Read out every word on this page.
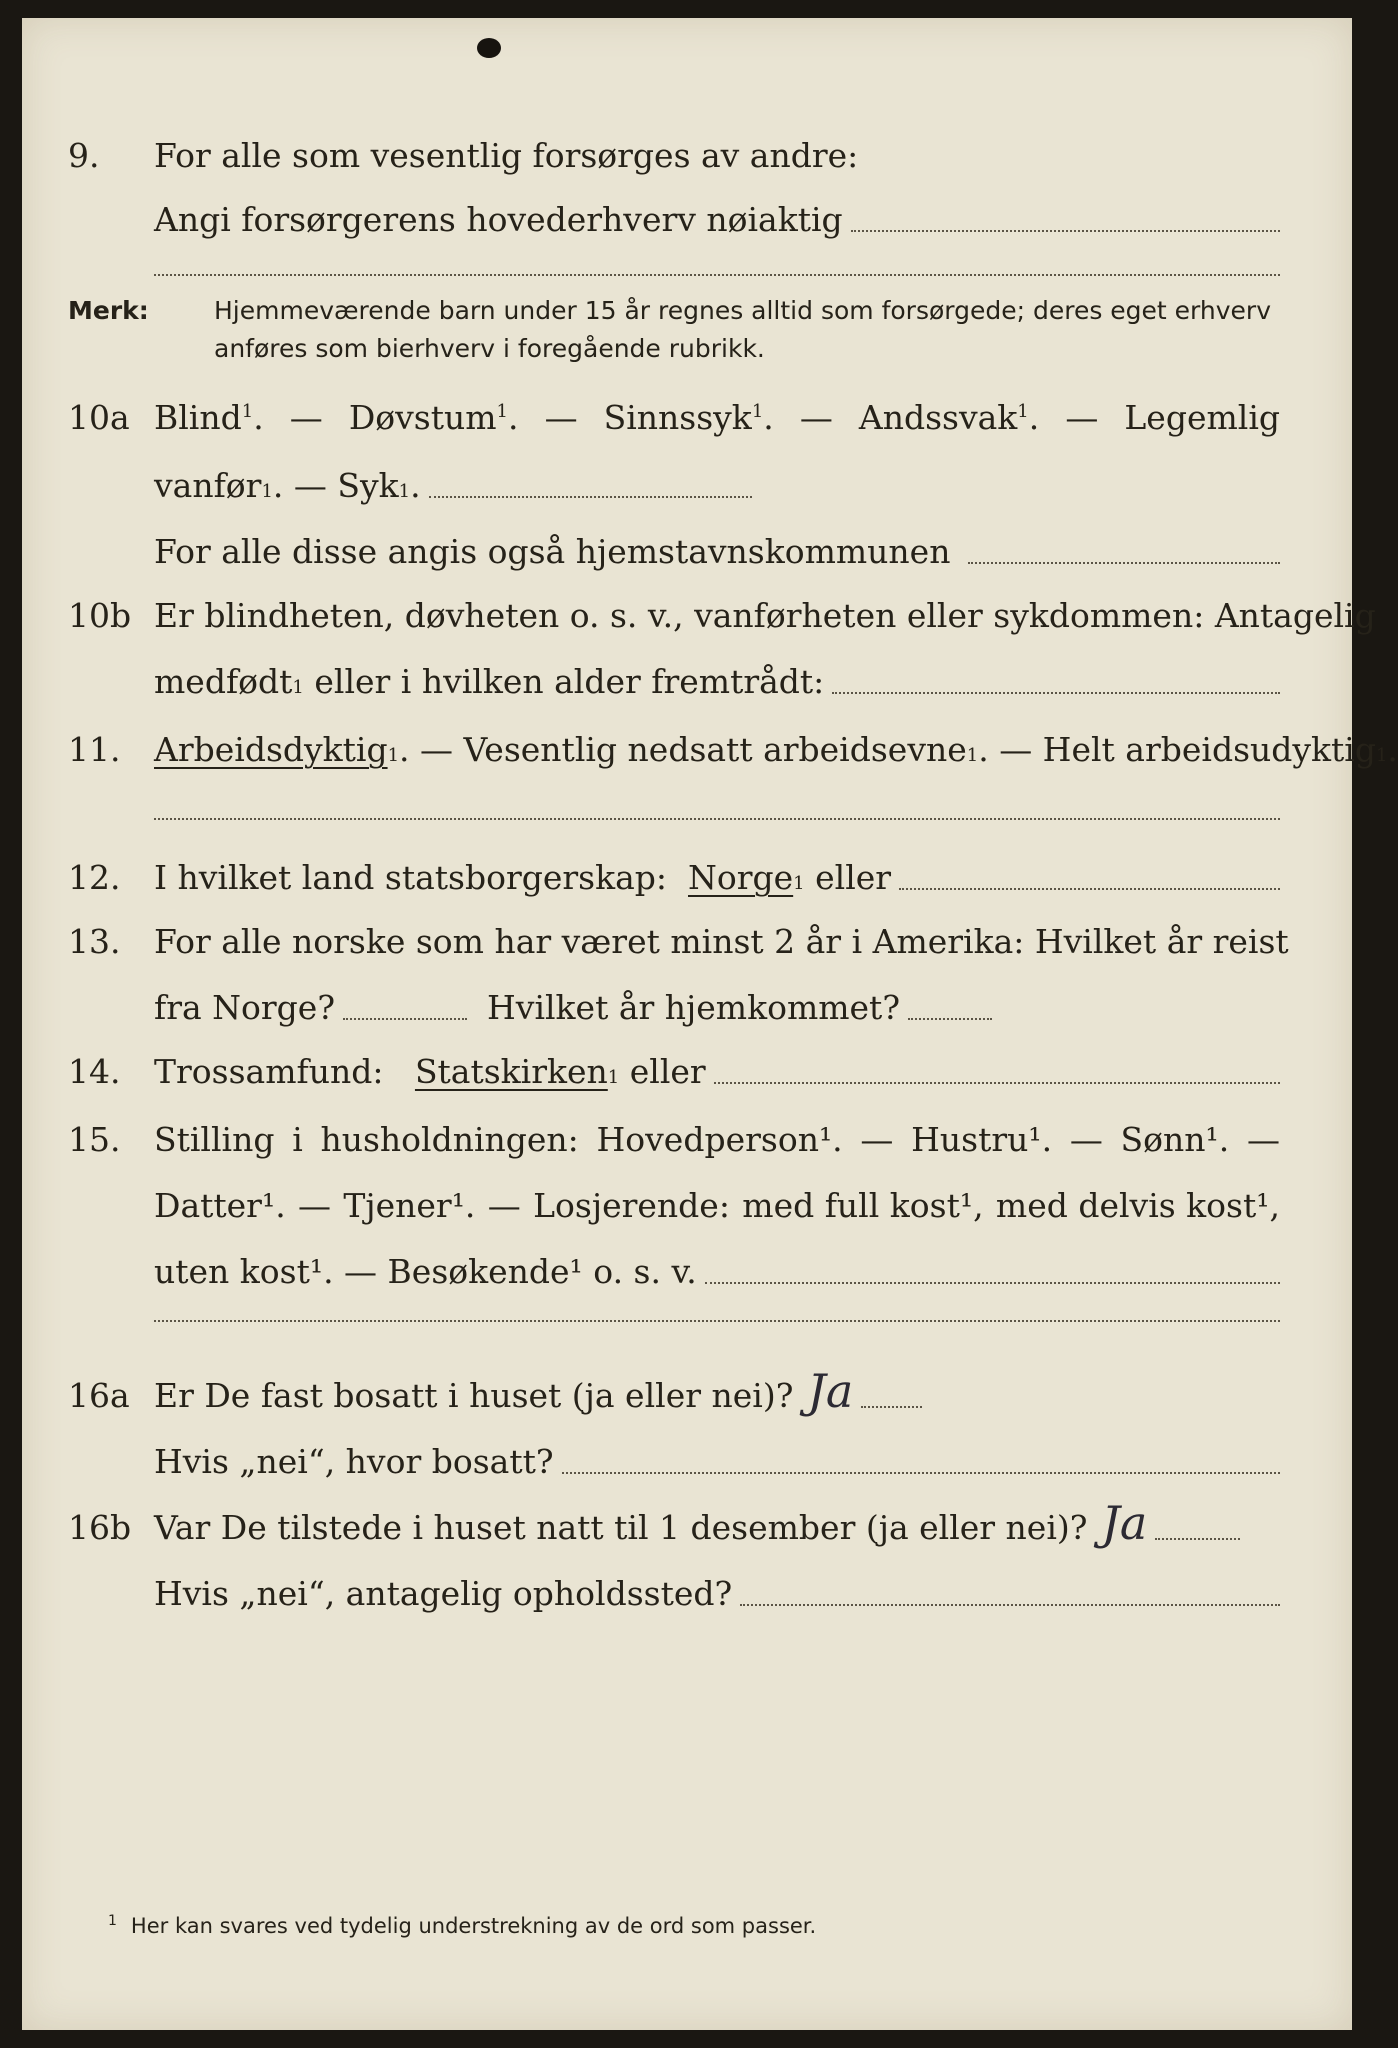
9.	For alle som vesentlig forsørges av andre:
Angi forsørgerens hovederhverv nøiaktig
Merk:	Hjemmeværende barn under 15 år regnes alltid som forsørgede; deres eget erhverv
anføres som bierhverv i foregående rubrikk.
10a Blind$^1$. — Døvstum$^1$. — Sinnssyk$^1$. — Andssvak$^1$. — Legemlig
vanfør 1 . — Syk 1 .
For alle disse angis også hjemstavnskommunen
10b Er blindheten, døvheten o. s. v., vanførheten eller sykdommen: Antagelig
medfødt 1
eller i hvilken alder fremtrådt:
11.	Arbeidsdyktig 1 . — Vesentlig nedsatt arbeidsevne 1 . — Helt arbeidsudyktig 1 .
12.	I hvilket land statsborgerskap:
Norge 1
eller
13.	For alle norske som har været minst 2 år i Amerika: Hvilket år reist
fra Norge?	Hvilket år hjemkommet?
14.	Trossamfund:
Statskirken 1
eller
15.	Stilling i husholdningen: Hovedperson¹. — Hustru¹. — Sønn¹. —
Datter¹. — Tjener¹. — Losjerende: med full kost¹, med delvis kost¹,
uten kost¹. — Besøkende¹ o. s. v.
16a Er De fast bosatt i huset (ja eller nei)? Ja
Hvis „nei“, hvor bosatt?
16b Var De tilstede i huset natt til 1 desember (ja eller nei)? Ja
Hvis „nei“, antagelig opholdssted?
$^1$ Her kan svares ved tydelig understrekning av de ord som passer.
